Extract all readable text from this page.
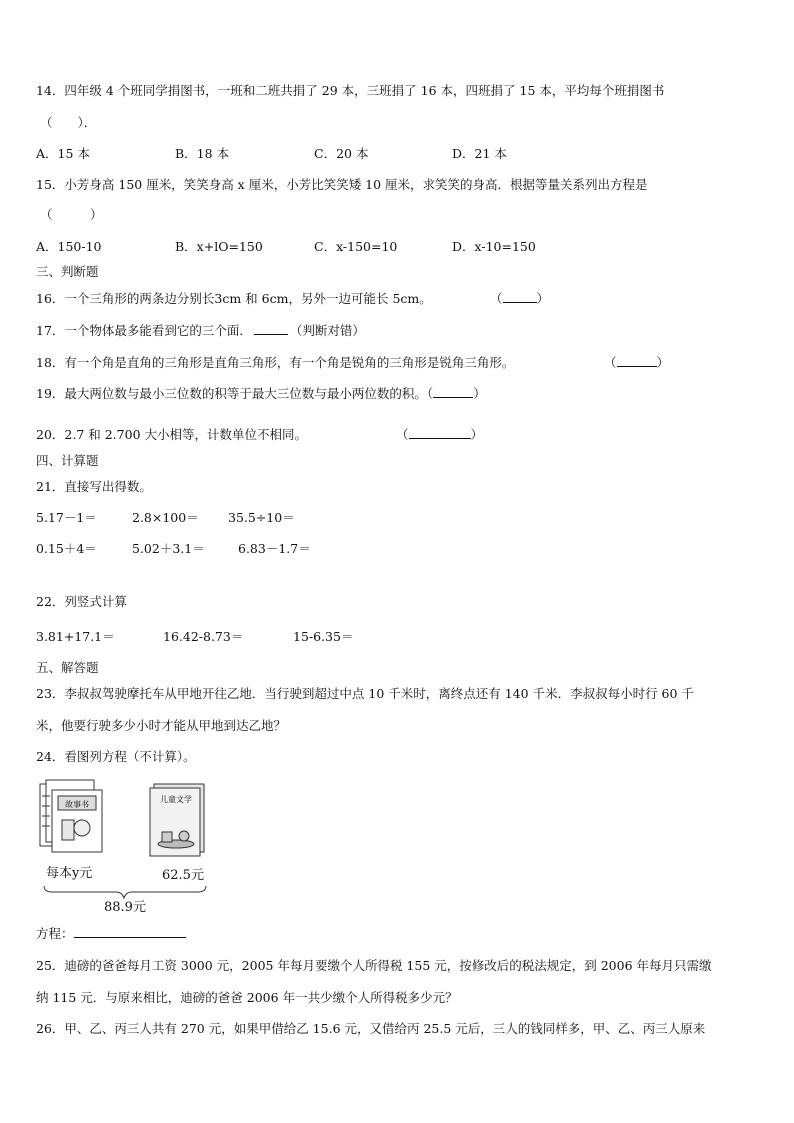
14．四年级 4 个班同学捐图书，一班和二班共捐了 29 本，三班捐了 16 本，四班捐了 15 本，平均每个班捐图书
（　　）．
A．15 本	B．18 本	C．20 本	D．21 本
15．小芳身高 150 厘米，笑笑身高 x 厘米，小芳比笑笑矮 10 厘米，求笑笑的身高．根据等量关系列出方程是
（　　　）
A．150-10	B．x+lO=150	C．x-150=10	D．x-10=150
三、判断题
16．一个三角形的两条边分别长3cm 和 6cm，另外一边可能长 5cm。	（	）
17．一个物体最多能看到它的三个面．	（判断对错）
18．有一个角是直角的三角形是直角三角形，有一个角是锐角的三角形是锐角三角形。	（	）
19．最大两位数与最小三位数的积等于最大三位数与最小两位数的积。（	）
20．2.7 和 2.700 大小相等，计数单位不相同。	（	）
四、计算题
21．直接写出得数。
5.17－1＝	2.8×100＝ 35.5÷10＝
0.15＋4＝	5.02＋3.1＝	6.83－1.7＝
22．列竖式计算
3.81+17.1＝	16.42-8.73＝	15-6.35＝
五、解答题
23．李叔叔驾驶摩托车从甲地开往乙地．当行驶到超过中点 10 千米时，离终点还有 140 千米．李叔叔每小时行 60 千
米，他要行驶多少小时才能从甲地到达乙地？
24．看图列方程（不计算）。
故事书
儿童文学
每本y元	62.5元
88.9元
方程：
25．迪磅的爸爸每月工资 3000 元，2005 年每月要缴个人所得税 155 元，按修改后的税法规定，到 2006 年每月只需缴
纳 115 元．与原来相比，迪磅的爸爸 2006 年一共少缴个人所得税多少元？
26．甲、乙、丙三人共有 270 元，如果甲借给乙 15.6 元，又借给丙 25.5 元后，三人的钱同样多，甲、乙、丙三人原来
